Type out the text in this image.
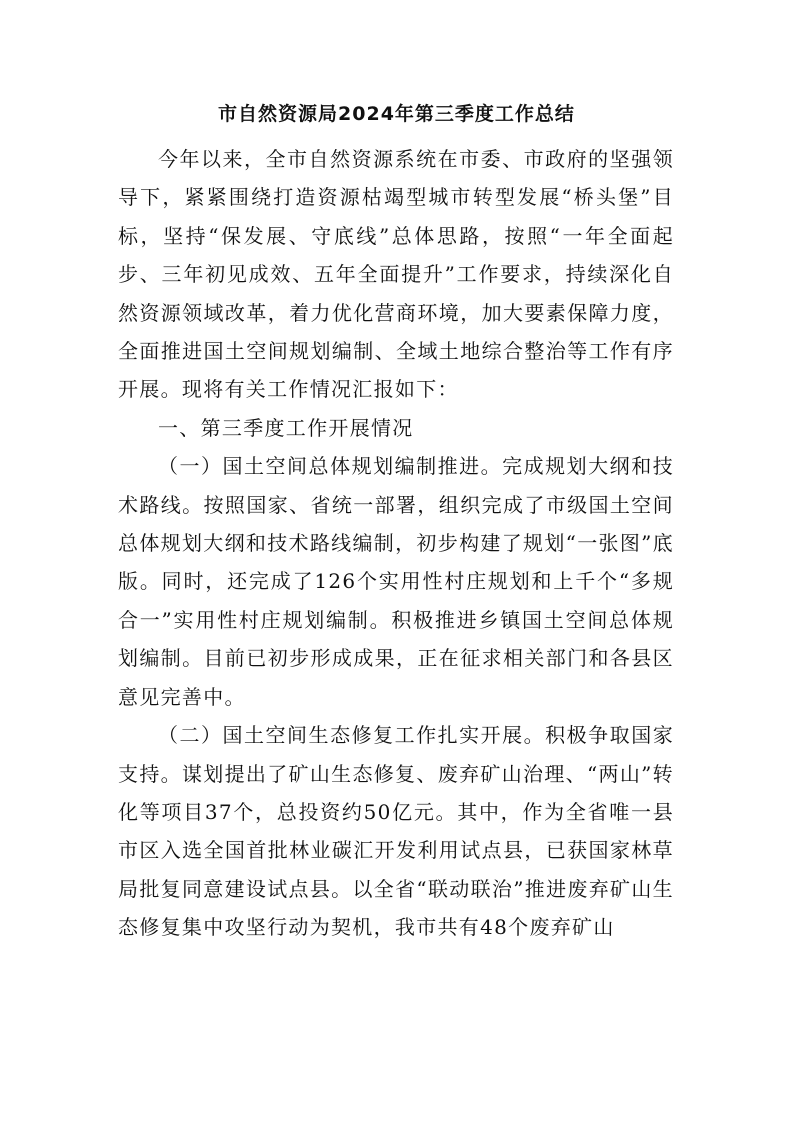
市自然资源局2024年第三季度工作总结

今年以来，全市自然资源系统在市委、市政府的坚强领导下，紧紧围绕打造资源枯竭型城市转型发展“桥头堡”目标，坚持“保发展、守底线”总体思路，按照“一年全面起步、三年初见成效、五年全面提升”工作要求，持续深化自然资源领域改革，着力优化营商环境，加大要素保障力度，全面推进国土空间规划编制、全域土地综合整治等工作有序开展。现将有关工作情况汇报如下：

一、第三季度工作开展情况

（一）国土空间总体规划编制推进。完成规划大纲和技术路线。按照国家、省统一部署，组织完成了市级国土空间总体规划大纲和技术路线编制，初步构建了规划“一张图”底版。同时，还完成了126个实用性村庄规划和上千个“多规合一”实用性村庄规划编制。积极推进乡镇国土空间总体规划编制。目前已初步形成成果，正在征求相关部门和各县区意见完善中。

（二）国土空间生态修复工作扎实开展。积极争取国家支持。谋划提出了矿山生态修复、废弃矿山治理、“两山”转化等项目37个，总投资约50亿元。其中，作为全省唯一县市区入选全国首批林业碳汇开发利用试点县，已获国家林草局批复同意建设试点县。以全省“联动联治”推进废弃矿山生态修复集中攻坚行动为契机，我市共有48个废弃矿山
